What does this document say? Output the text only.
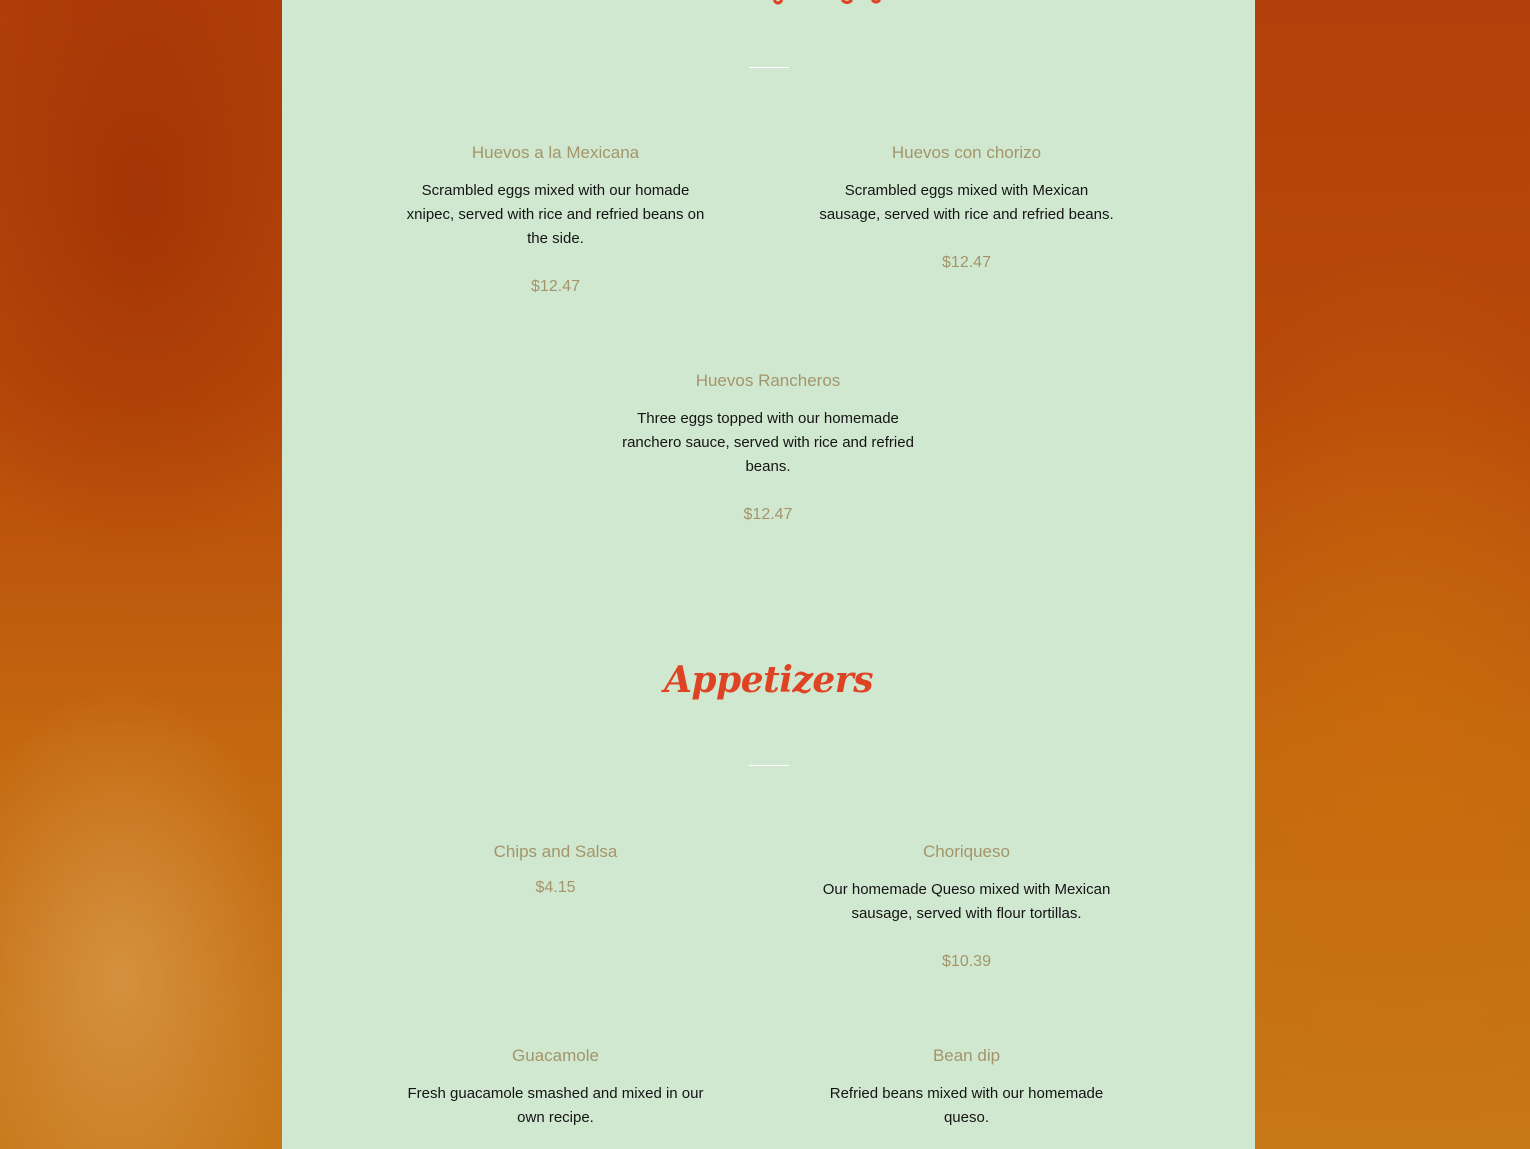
Huevos a la Mexicana

Scrambled eggs mixed with our homade xnipec, served with rice and refried beans on the side.

$12.47

Huevos con chorizo

Scrambled eggs mixed with Mexican sausage, served with rice and refried beans.

$12.47

Huevos Rancheros

Three eggs topped with our homemade ranchero sauce, served with rice and refried beans.

$12.47

Appetizers

Chips and Salsa

$4.15

Choriqueso

Our homemade Queso mixed with Mexican sausage, served with flour tortillas.

$10.39

Guacamole

Fresh guacamole smashed and mixed in our own recipe.

Bean dip

Refried beans mixed with our homemade queso.
